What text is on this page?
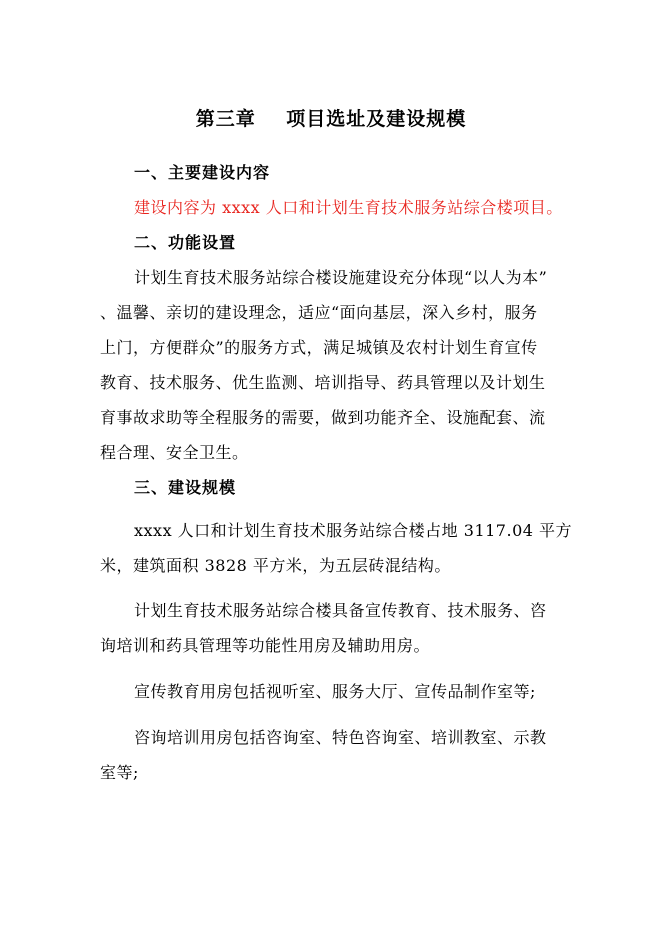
第三章    项目选址及建设规模
一、主要建设内容
建设内容为 xxxx 人口和计划生育技术服务站综合楼项目。
二、功能设置
计划生育技术服务站综合楼设施建设充分体现“以人为本”
、温馨、亲切的建设理念，适应“面向基层，深入乡村，服务
上门，方便群众”的服务方式，满足城镇及农村计划生育宣传
教育、技术服务、优生监测、培训指导、药具管理以及计划生
育事故求助等全程服务的需要，做到功能齐全、设施配套、流
程合理、安全卫生。
三、建设规模
xxxx 人口和计划生育技术服务站综合楼占地 3117.04 平方
米，建筑面积 3828 平方米，为五层砖混结构。
计划生育技术服务站综合楼具备宣传教育、技术服务、咨
询培训和药具管理等功能性用房及辅助用房。
宣传教育用房包括视听室、服务大厅、宣传品制作室等;
咨询培训用房包括咨询室、特色咨询室、培训教室、示教
室等;
